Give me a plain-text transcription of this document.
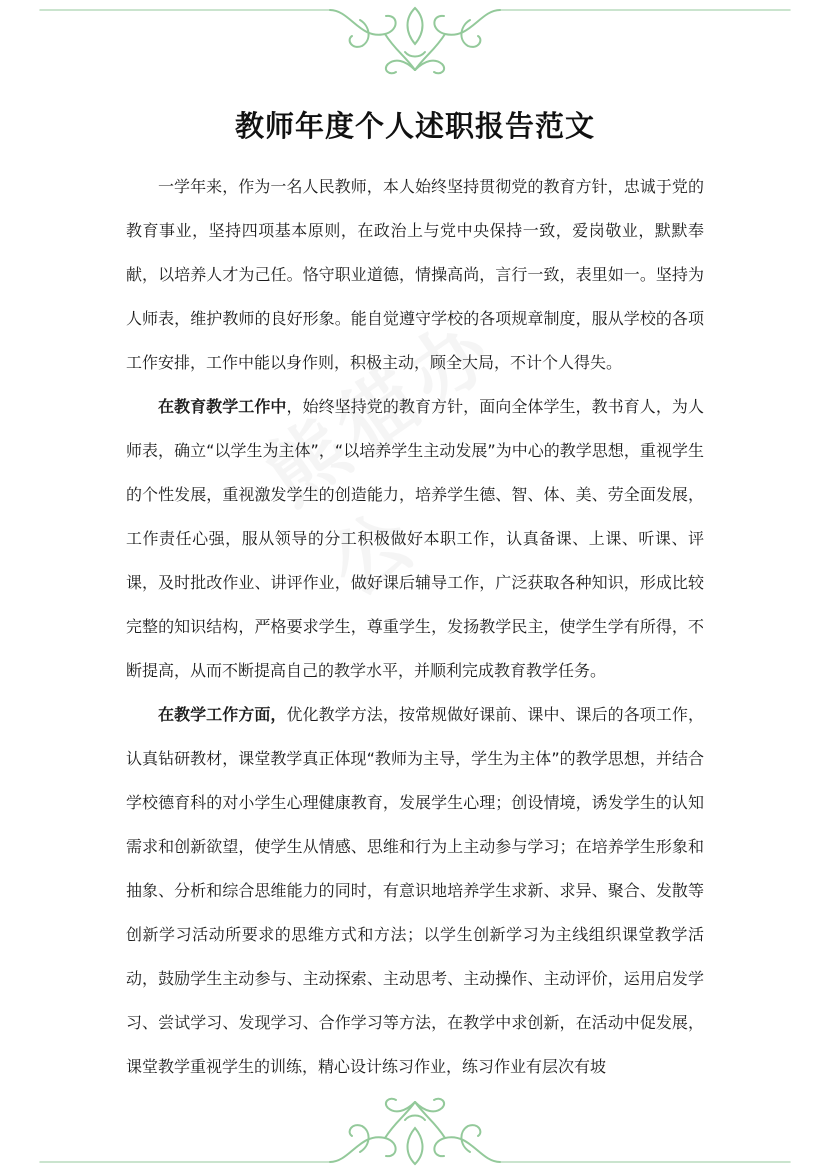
教师年度个人述职报告范文

一学年来，作为一名人民教师，本人始终坚持贯彻党的教育方针，忠诚于党的教育事业，坚持四项基本原则，在政治上与党中央保持一致，爱岗敬业，默默奉献，以培养人才为己任。恪守职业道德，情操高尚，言行一致，表里如一。坚持为人师表，维护教师的良好形象。能自觉遵守学校的各项规章制度，服从学校的各项工作安排，工作中能以身作则，积极主动，顾全大局，不计个人得失。

在教育教学工作中，始终坚持党的教育方针，面向全体学生，教书育人，为人师表，确立“以学生为主体”，“以培养学生主动发展”为中心的教学思想，重视学生的个性发展，重视激发学生的创造能力，培养学生德、智、体、美、劳全面发展，工作责任心强，服从领导的分工积极做好本职工作，认真备课、上课、听课、评课，及时批改作业、讲评作业，做好课后辅导工作，广泛获取各种知识，形成比较完整的知识结构，严格要求学生，尊重学生，发扬教学民主，使学生学有所得，不断提高，从而不断提高自己的教学水平，并顺利完成教育教学任务。

在教学工作方面，优化教学方法，按常规做好课前、课中、课后的各项工作，认真钻研教材，课堂教学真正体现“教师为主导，学生为主体”的教学思想，并结合学校德育科的对小学生心理健康教育，发展学生心理；创设情境，诱发学生的认知需求和创新欲望，使学生从情感、思维和行为上主动参与学习；在培养学生形象和抽象、分析和综合思维能力的同时，有意识地培养学生求新、求异、聚合、发散等创新学习活动所要求的思维方式和方法；以学生创新学习为主线组织课堂教学活动，鼓励学生主动参与、主动探索、主动思考、主动操作、主动评价，运用启发学习、尝试学习、发现学习、合作学习等方法，在教学中求创新，在活动中促发展，课堂教学重视学生的训练，精心设计练习作业，练习作业有层次有坡
